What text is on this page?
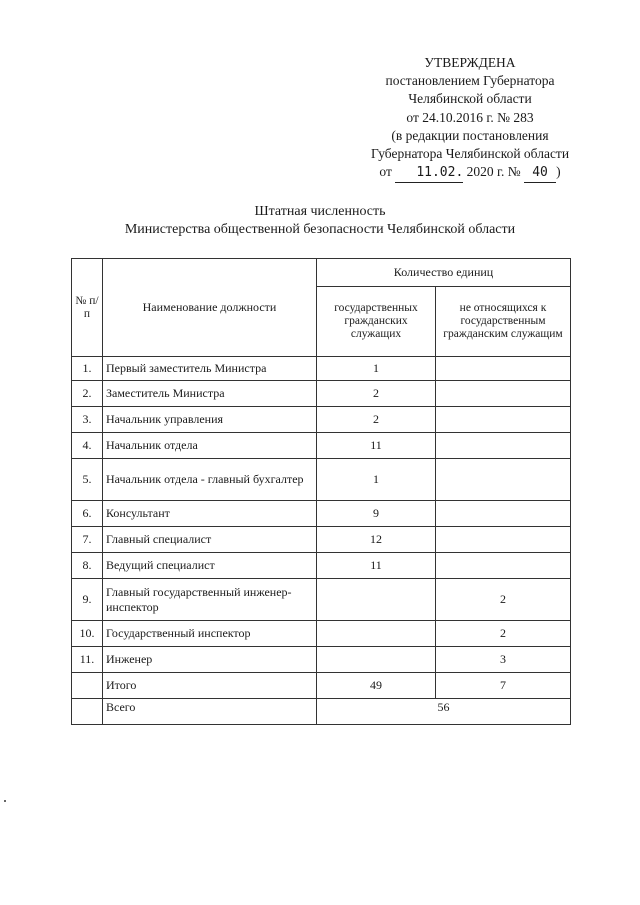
УТВЕРЖДЕНА
постановлением Губернатора
Челябинской области
от 24.10.2016 г. № 283
(в редакции постановления
Губернатора Челябинской области
от 11.02. 2020 г. № 40 )
Штатная численность
Министерства общественной безопасности Челябинской области
№ п/п	Наименование должности	Количество единиц	
		государственных гражданских служащих	не относящихся к государственным гражданским служащим
1.	Первый заместитель Министра	1	
2.	Заместитель Министра	2	
3.	Начальник управления	2	
4.	Начальник отдела	11	
5.	Начальник отдела - главный бухгалтер	1	
6.	Консультант	9	
7.	Главный специалист	12	
8.	Ведущий специалист	11	
9.	Главный государственный инженер-инспектор		2
10.	Государственный инспектор		2
11.	Инженер		3
	Итого	49	7
	Всего	56	
